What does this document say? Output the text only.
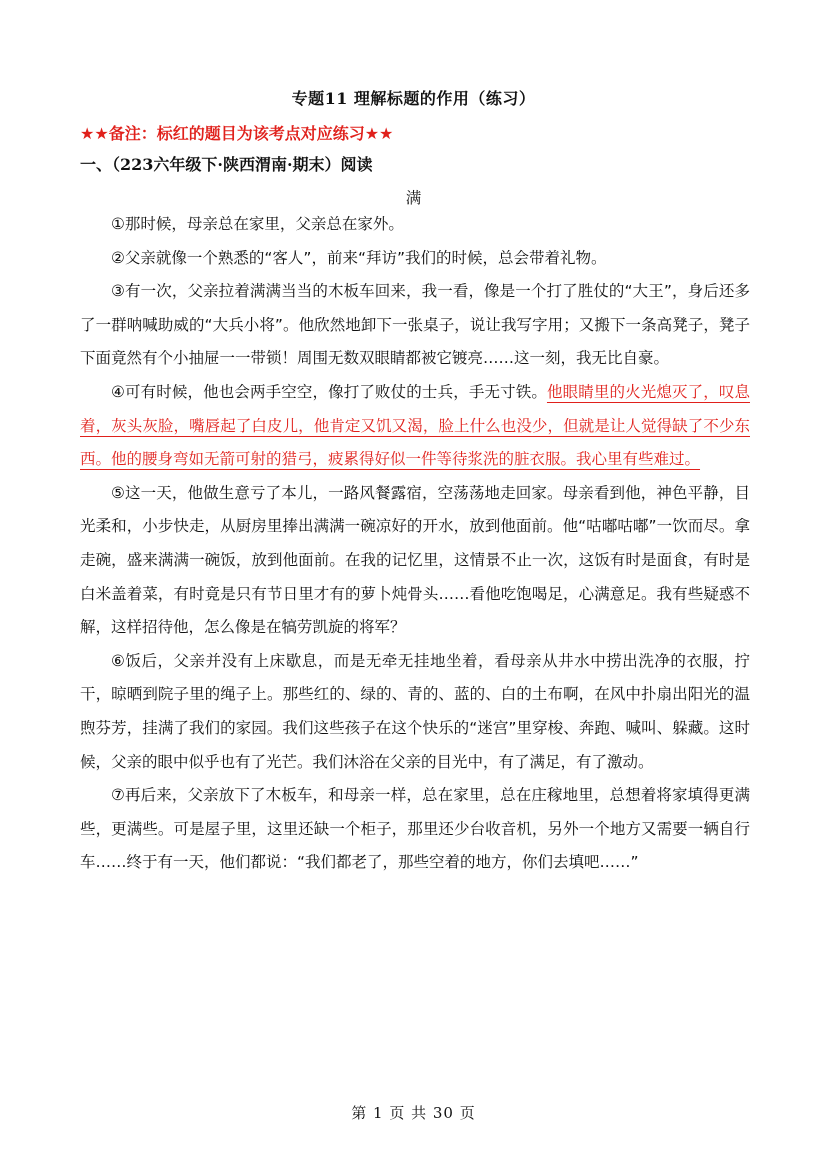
专题11 理解标题的作用（练习）
★★备注：标红的题目为该考点对应练习★★
一、（223六年级下·陕西渭南·期末）阅读
满

①那时候，母亲总在家里，父亲总在家外。

②父亲就像一个熟悉的“客人”，前来“拜访”我们的时候，总会带着礼物。

③有一次，父亲拉着满满当当的木板车回来，我一看，像是一个打了胜仗的“大王”，身后还多了一群呐喊助威的“大兵小将”。他欣然地卸下一张桌子，说让我写字用；又搬下一条高凳子，凳子下面竟然有个小抽屉一一带锁！周围无数双眼睛都被它镀亮……这一刻，我无比自豪。

④可有时候，他也会两手空空，像打了败仗的士兵，手无寸铁。他眼睛里的火光熄灭了，叹息着，灰头灰脸，嘴唇起了白皮儿，他肯定又饥又渴，脸上什么也没少，但就是让人觉得缺了不少东西。他的腰身弯如无箭可射的猎弓，疲累得好似一件等待浆洗的脏衣服。我心里有些难过。

⑤这一天，他做生意亏了本儿，一路风餐露宿，空荡荡地走回家。母亲看到他，神色平静，目光柔和，小步快走，从厨房里捧出满满一碗凉好的开水，放到他面前。他“咕嘟咕嘟”一饮而尽。拿走碗，盛来满满一碗饭，放到他面前。在我的记忆里，这情景不止一次，这饭有时是面食，有时是白米盖着菜，有时竟是只有节日里才有的萝卜炖骨头……看他吃饱喝足，心满意足。我有些疑惑不解，这样招待他，怎么像是在犒劳凯旋的将军？

⑥饭后，父亲并没有上床歇息，而是无牵无挂地坐着，看母亲从井水中捞出洗净的衣服，拧干，晾晒到院子里的绳子上。那些红的、绿的、青的、蓝的、白的土布啊，在风中扑扇出阳光的温煦芬芳，挂满了我们的家园。我们这些孩子在这个快乐的“迷宫”里穿梭、奔跑、喊叫、躲藏。这时候，父亲的眼中似乎也有了光芒。我们沐浴在父亲的目光中，有了满足，有了激动。

⑦再后来，父亲放下了木板车，和母亲一样，总在家里，总在庄稼地里，总想着将家填得更满些，更满些。可是屋子里，这里还缺一个柜子，那里还少台收音机，另外一个地方又需要一辆自行车……终于有一天，他们都说：“我们都老了，那些空着的地方，你们去填吧……”

第 1 页 共 30 页
